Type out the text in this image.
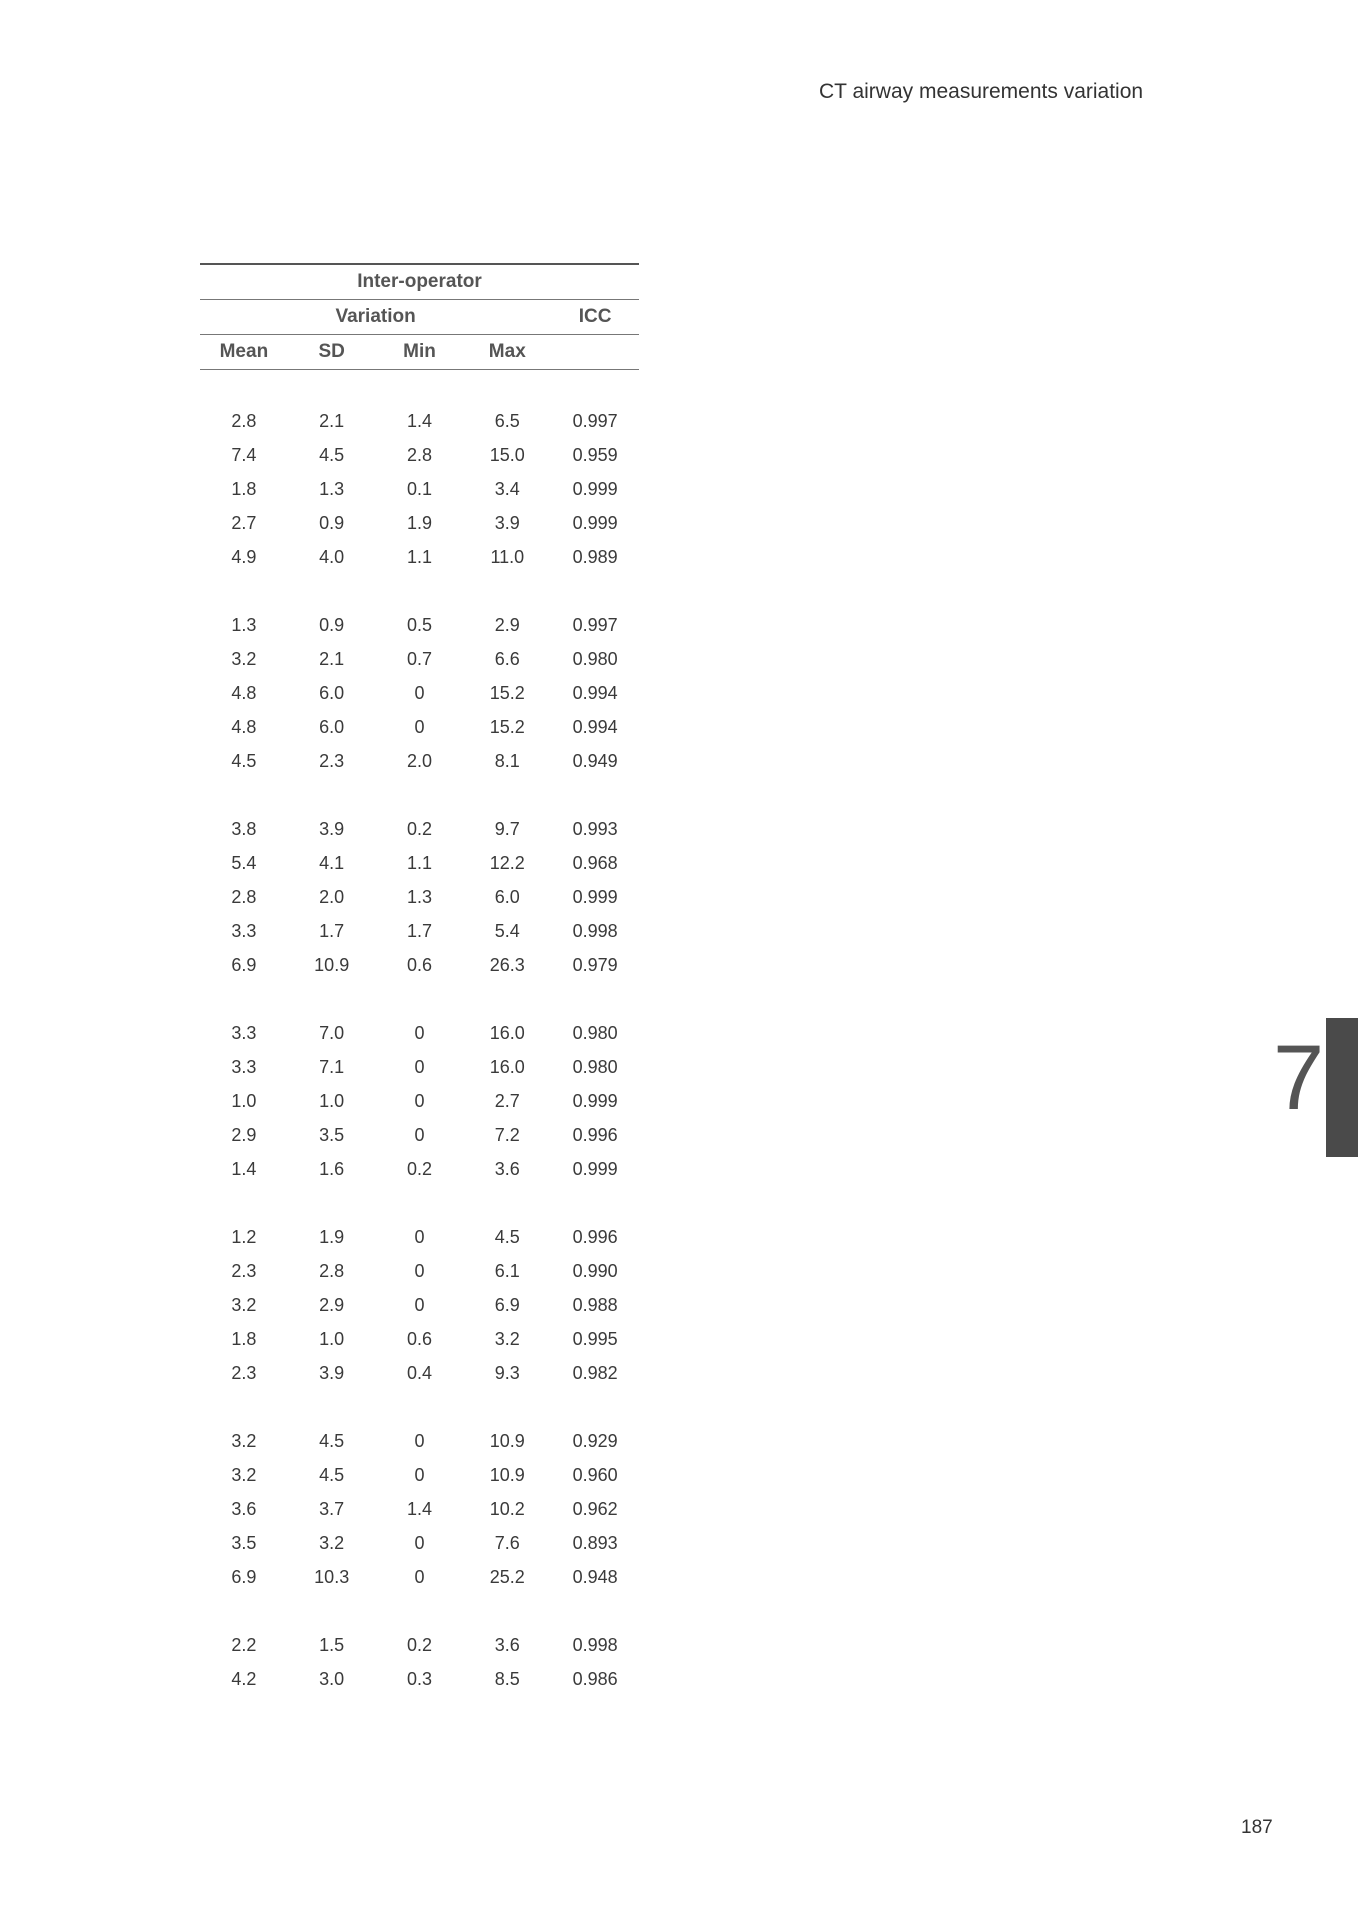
CT airway measurements variation
Inter-operator				
Variation				ICC
Mean	SD	Min	Max	

2.8	2.1	1.4	6.5	0.997
7.4	4.5	2.8	15.0	0.959
1.8	1.3	0.1	3.4	0.999
2.7	0.9	1.9	3.9	0.999
4.9	4.0	1.1	11.0	0.989

1.3	0.9	0.5	2.9	0.997
3.2	2.1	0.7	6.6	0.980
4.8	6.0	0	15.2	0.994
4.8	6.0	0	15.2	0.994
4.5	2.3	2.0	8.1	0.949

3.8	3.9	0.2	9.7	0.993
5.4	4.1	1.1	12.2	0.968
2.8	2.0	1.3	6.0	0.999
3.3	1.7	1.7	5.4	0.998
6.9	10.9	0.6	26.3	0.979

3.3	7.0	0	16.0	0.980
3.3	7.1	0	16.0	0.980
1.0	1.0	0	2.7	0.999
2.9	3.5	0	7.2	0.996
1.4	1.6	0.2	3.6	0.999

1.2	1.9	0	4.5	0.996
2.3	2.8	0	6.1	0.990
3.2	2.9	0	6.9	0.988
1.8	1.0	0.6	3.2	0.995
2.3	3.9	0.4	9.3	0.982

3.2	4.5	0	10.9	0.929
3.2	4.5	0	10.9	0.960
3.6	3.7	1.4	10.2	0.962
3.5	3.2	0	7.6	0.893
6.9	10.3	0	25.2	0.948

2.2	1.5	0.2	3.6	0.998
4.2	3.0	0.3	8.5	0.986
7
187
